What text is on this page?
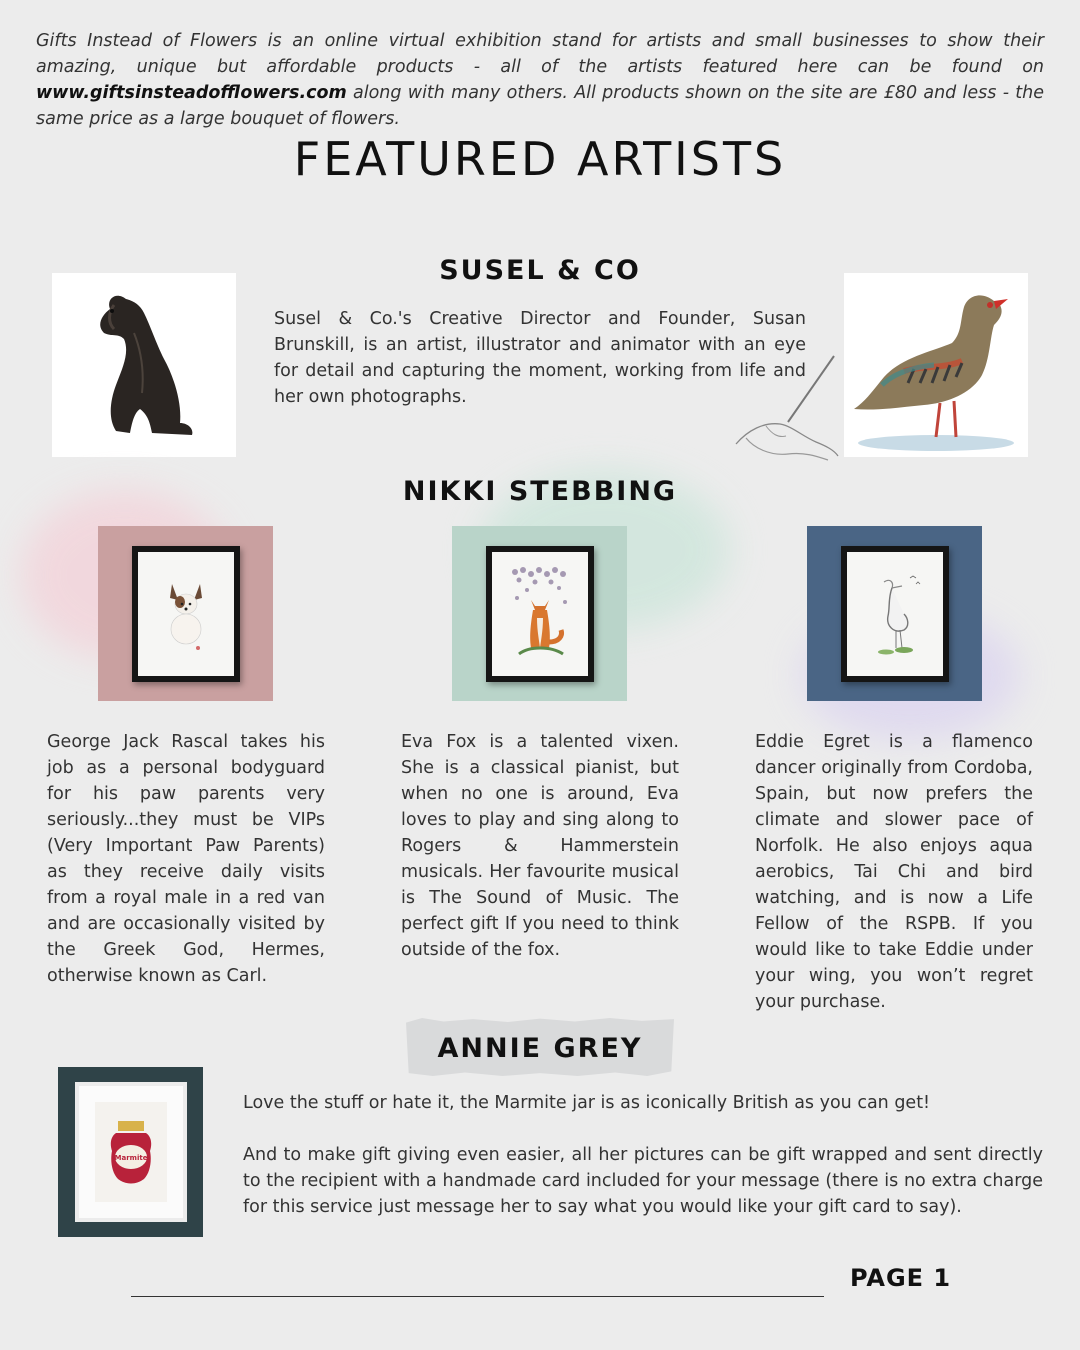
Gifts Instead of Flowers is an online virtual exhibition stand for artists and small businesses to show their amazing, unique but affordable products - all of the artists featured here can be found on www.giftsinsteadofflowers.com along with many others. All products shown on the site are £80 and less - the same price as a large bouquet of flowers.
FEATURED ARTISTS
SUSEL & CO
Susel & Co.'s Creative Director and Founder, Susan Brunskill, is an artist, illustrator and animator with an eye for detail and capturing the moment, working from life and her own photographs.
NIKKI STEBBING
George Jack Rascal takes his job as a personal bodyguard for his paw parents very seriously...they must be VIPs (Very Important Paw Parents) as they receive daily visits from a royal male in a red van and are occasionally visited by the Greek God, Hermes, otherwise known as Carl.
Eva Fox is a talented vixen. She is a classical pianist, but when no one is around, Eva loves to play and sing along to Rogers & Hammerstein musicals. Her favourite musical is The Sound of Music. The perfect gift If you need to think outside of the fox.
Eddie Egret is a flamenco dancer originally from Cordoba, Spain, but now prefers the climate and slower pace of Norfolk. He also enjoys aqua aerobics, Tai Chi and bird watching, and is now a Life Fellow of the RSPB. If you would like to take Eddie under your wing, you won’t regret your purchase.
ANNIE GREY
Marmite
Love the stuff or hate it, the Marmite jar is as iconically British as you can get!
And to make gift giving even easier, all her pictures can be gift wrapped and sent directly to the recipient with a handmade card included for your message (there is no extra charge for this service just message her to say what you would like your gift card to say).
PAGE 1
